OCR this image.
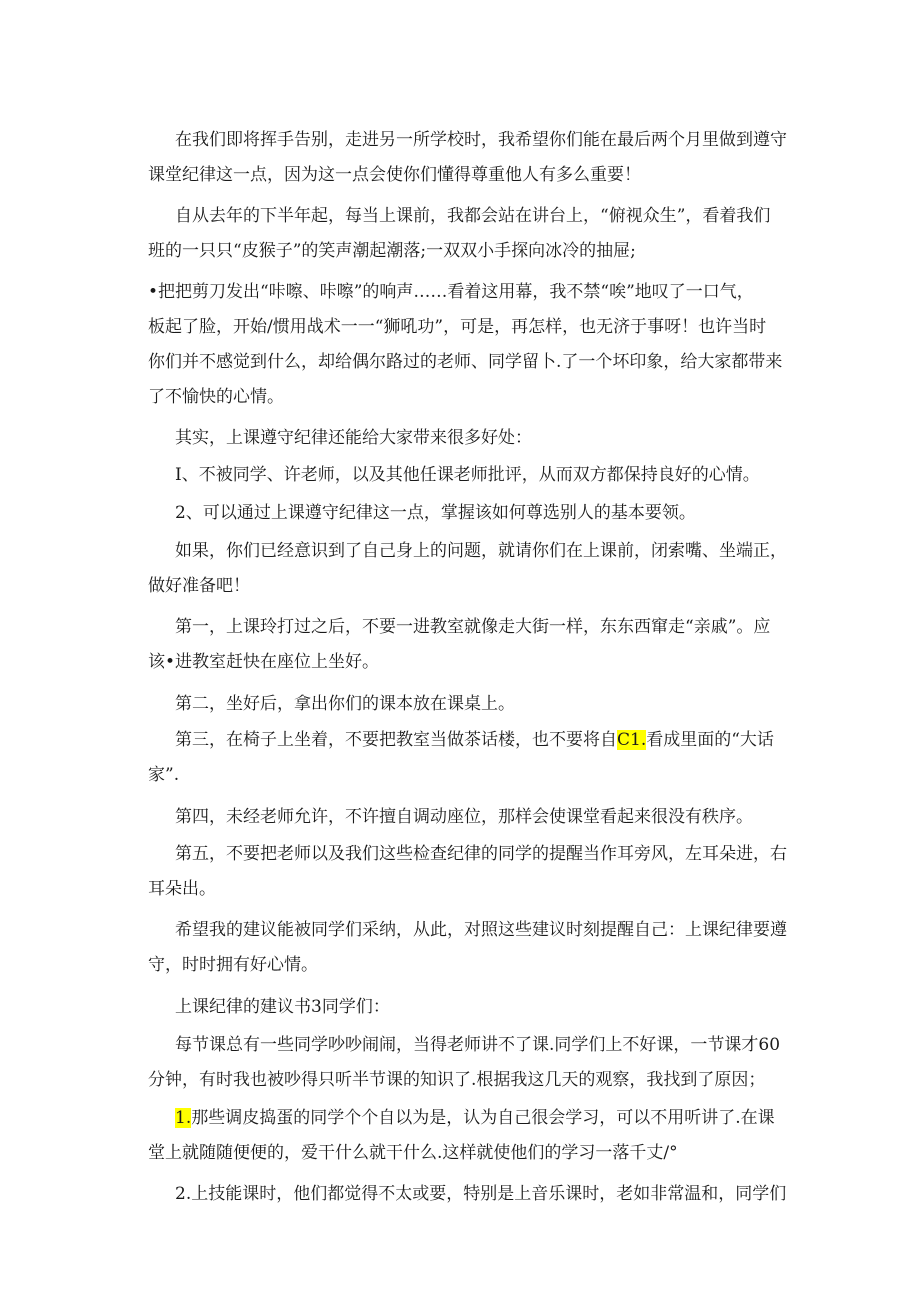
在我们即将挥手告别，走进另一所学校时，我希望你们能在最后两个月里做到遵守

课堂纪律这一点，因为这一点会使你们懂得尊重他人有多么重要！

自从去年的下半年起，每当上课前，我都会站在讲台上，“俯视众生”，看着我们

班的一只只“皮猴子”的笑声潮起潮落;一双双小手探向冰冷的抽屉;

•把把剪刀发出“咔嚓、咔嚓”的响声……看着这用幕，我不禁“唉”地叹了一口气，

板起了脸，开始/惯用战术一一“狮吼功”，可是，再怎样，也无济于事呀！也许当时

你们并不感觉到什么，却给偶尔路过的老师、同学留卜.了一个坏印象，给大家都带来

了不愉快的心情。

其实，上课遵守纪律还能给大家带来很多好处：

I、不被同学、许老师，以及其他任课老师批评，从而双方都保持良好的心情。

2、可以通过上课遵守纪律这一点，掌握该如何尊选别人的基本要领。

如果，你们已经意识到了自己身上的问题，就请你们在上课前，闭索嘴、坐端正，

做好准备吧！

第一，上课玲打过之后，不要一进教室就像走大街一样，东东西窜走“亲戚”。应

该•进教室赶快在座位上坐好。

第二，坐好后，拿出你们的课本放在课桌上。

第三，在椅子上坐着，不要把教室当做茶话楼，也不要将自C1.看成里面的“大话

家”.

第四，未经老师允许，不许擅自调动座位，那样会使课堂看起来很没有秩序。

第五，不要把老师以及我们这些检查纪律的同学的提醒当作耳旁风，左耳朵进，右

耳朵出。

希望我的建议能被同学们采纳，从此，对照这些建议时刻提醒自己：上课纪律要遵

守，时时拥有好心情。

上课纪律的建议书3同学们：

每节课总有一些同学吵吵闹闹，当得老师讲不了课.同学们上不好课，一节课才60

分钟，有时我也被吵得只听半节课的知识了.根据我这几天的观察，我找到了原因；

1.那些调皮捣蛋的同学个个自以为是，认为自己很会学习，可以不用听讲了.在课

堂上就随随便便的，爱干什么就干什么.这样就使他们的学习一落千丈/°

2.上技能课时，他们都觉得不太或要，特别是上音乐课时，老如非常温和，同学们
